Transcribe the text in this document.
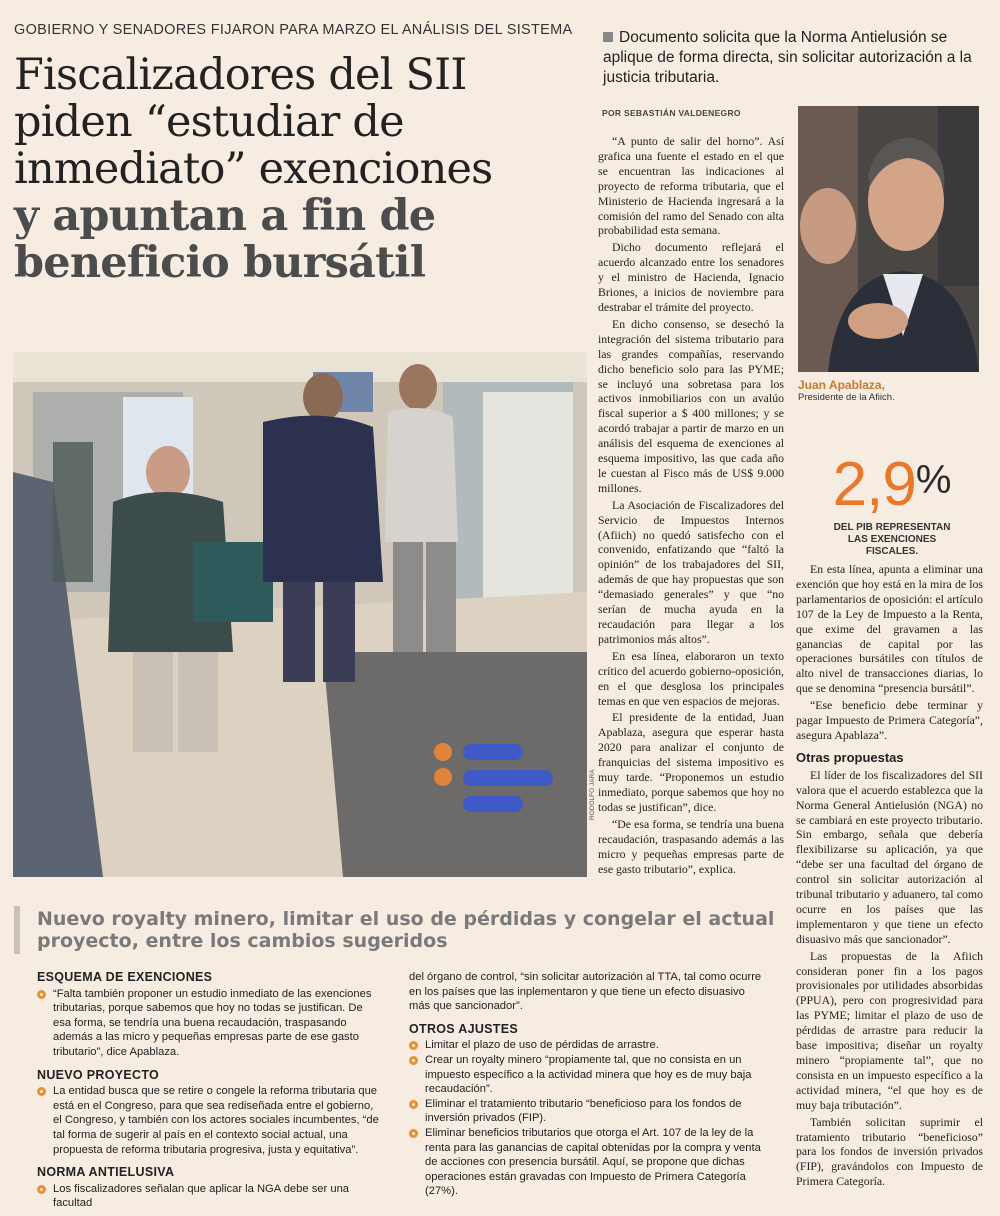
GOBIERNO Y SENADORES FIJARON PARA MARZO EL ANÁLISIS DEL SISTEMA
Fiscalizadores del SII piden “estudiar de inmediato” exenciones
y apuntan a fin de beneficio bursátil
Documento solicita que la Norma Antielusión se aplique de forma directa, sin solicitar autorización a la justicia tributaria.
POR SEBASTIÁN VALDENEGRO
RODOLFO JARA

“A punto de salir del horno”. Así grafica una fuente el estado en el que se encuentran las indicaciones al proyecto de reforma tributaria, que el Ministerio de Hacienda ingresará a la comisión del ramo del Senado con alta probabilidad esta semana.

Dicho documento reflejará el acuerdo alcanzado entre los senadores y el ministro de Hacienda, Ignacio Briones, a inicios de noviembre para destrabar el trámite del proyecto.

En dicho consenso, se desechó la integración del sistema tributario para las grandes compañías, reservando dicho beneficio solo para las PYME; se incluyó una sobretasa para los activos inmobiliarios con un avalúo fiscal superior a $ 400 millones; y se acordó trabajar a partir de marzo en un análisis del esquema de exenciones al esquema impositivo, las que cada año le cuestan al Fisco más de US$ 9.000 millones.

La Asociación de Fiscalizadores del Servicio de Impuestos Internos (Afiich) no quedó satisfecho con el convenido, enfatizando que “faltó la opinión” de los trabajadores del SII, además de que hay propuestas que son “demasiado generales” y que “no serían de mucha ayuda en la recaudación para llegar a los patrimonios más altos”.

En esa línea, elaboraron un texto crítico del acuerdo gobierno-oposición, en el que desglosa los principales temas en que ven espacios de mejoras.

El presidente de la entidad, Juan Apablaza, asegura que esperar hasta 2020 para analizar el conjunto de franquicias del sistema impositivo es muy tarde. “Proponemos un estudio inmediato, porque sabemos que hoy no todas se justifican”, dice.

“De esa forma, se tendría una buena recaudación, traspasando además a las micro y pequeñas empresas parte de ese gasto tributario”, explica.

Juan Apablaza,
Presidente de la Afiich.
2,9%
DEL PIB REPRESENTAN LAS EXENCIONES FISCALES.

En esta línea, apunta a eliminar una exención que hoy está en la mira de los parlamentarios de oposición: el artículo 107 de la Ley de Impuesto a la Renta, que exime del gravamen a las ganancias de capital por las operaciones bursátiles con títulos de alto nivel de transacciones diarias, lo que se denomina “presencia bursátil”.

“Ese beneficio debe terminar y pagar Impuesto de Primera Categoría”, asegura Apablaza”.

Otras propuestas

El líder de los fiscalizadores del SII valora que el acuerdo establezca que la Norma General Antielusión (NGA) no se cambiará en este proyecto tributario. Sin embargo, señala que debería flexibilizarse su aplicación, ya que “debe ser una facultad del órgano de control sin solicitar autorización al tribunal tributario y aduanero, tal como ocurre en los países que las implementaron y que tiene un efecto disuasivo más que sancionador”.

Las propuestas de la Afiich consideran poner fin a los pagos provisionales por utilidades absorbidas (PPUA), pero con progresividad para las PYME; limitar el plazo de uso de pérdidas de arrastre para reducir la base impositiva; diseñar un royalty minero “propiamente tal”, que no consista en un impuesto específico a la actividad minera, “el que hoy es de muy baja tributación”.

También solicitan suprimir el tratamiento tributario “beneficioso” para los fondos de inversión privados (FIP), gravándolos con Impuesto de Primera Categoría.

Nuevo royalty minero, limitar el uso de pérdidas y congelar el actual proyecto, entre los cambios sugeridos
ESQUEMA DE EXENCIONES
“Falta también proponer un estudio inmediato de las exenciones tributarias, porque sabemos que hoy no todas se justifican. De esa forma, se tendría una buena recaudación, traspasando además a las micro y pequeñas empresas parte de ese gasto tributario”, dice Apablaza.
NUEVO PROYECTO
La entidad busca que se retire o congele la reforma tributaria que está en el Congreso, para que sea rediseñada entre el gobierno, el Congreso, y también con los actores sociales incumbentes, “de tal forma de sugerir al país en el contexto social actual, una propuesta de reforma tributaria progresiva, justa y equitativa”.
NORMA ANTIELUSIVA
Los fiscalizadores señalan que aplicar la NGA debe ser una facultad
del órgano de control, “sin solicitar autorización al TTA, tal como ocurre en los países que las inplementaron y que tiene un efecto disuasivo más que sancionador”.
OTROS AJUSTES
Limitar el plazo de uso de pérdidas de arrastre.
Crear un royalty minero “propiamente tal, que no consista en un impuesto específico a la actividad minera que hoy es de muy baja recaudación”.
Eliminar el tratamiento tributario “beneficioso para los fondos de inversión privados (FIP).
Eliminar beneficios tributarios que otorga el Art. 107 de la ley de la renta para las ganancias de capital obtenidas por la compra y venta de acciones con presencia bursátil. Aquí, se propone que dichas operaciones están gravadas con Impuesto de Primera Categoría (27%).
